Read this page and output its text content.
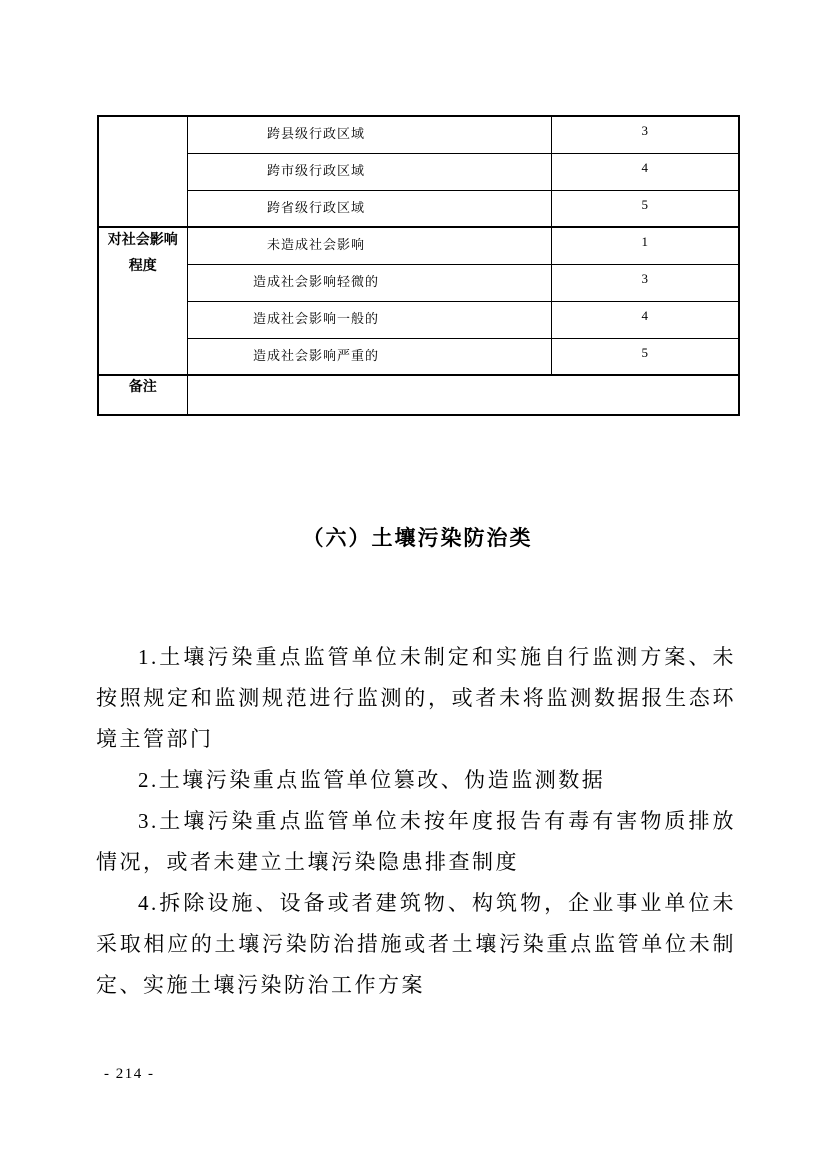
	跨县级行政区域	3
	跨市级行政区域	4
	跨省级行政区域	5
对社会影响程度	未造成社会影响	1
	造成社会影响轻微的	3
	造成社会影响一般的	4
	造成社会影响严重的	5
备注		
（六）土壤污染防治类

1.土壤污染重点监管单位未制定和实施自行监测方案、未按照规定和监测规范进行监测的，或者未将监测数据报生态环境主管部门

2.土壤污染重点监管单位篡改、伪造监测数据

3.土壤污染重点监管单位未按年度报告有毒有害物质排放情况，或者未建立土壤污染隐患排查制度

4.拆除设施、设备或者建筑物、构筑物，企业事业单位未采取相应的土壤污染防治措施或者土壤污染重点监管单位未制定、实施土壤污染防治工作方案

- 214 -
